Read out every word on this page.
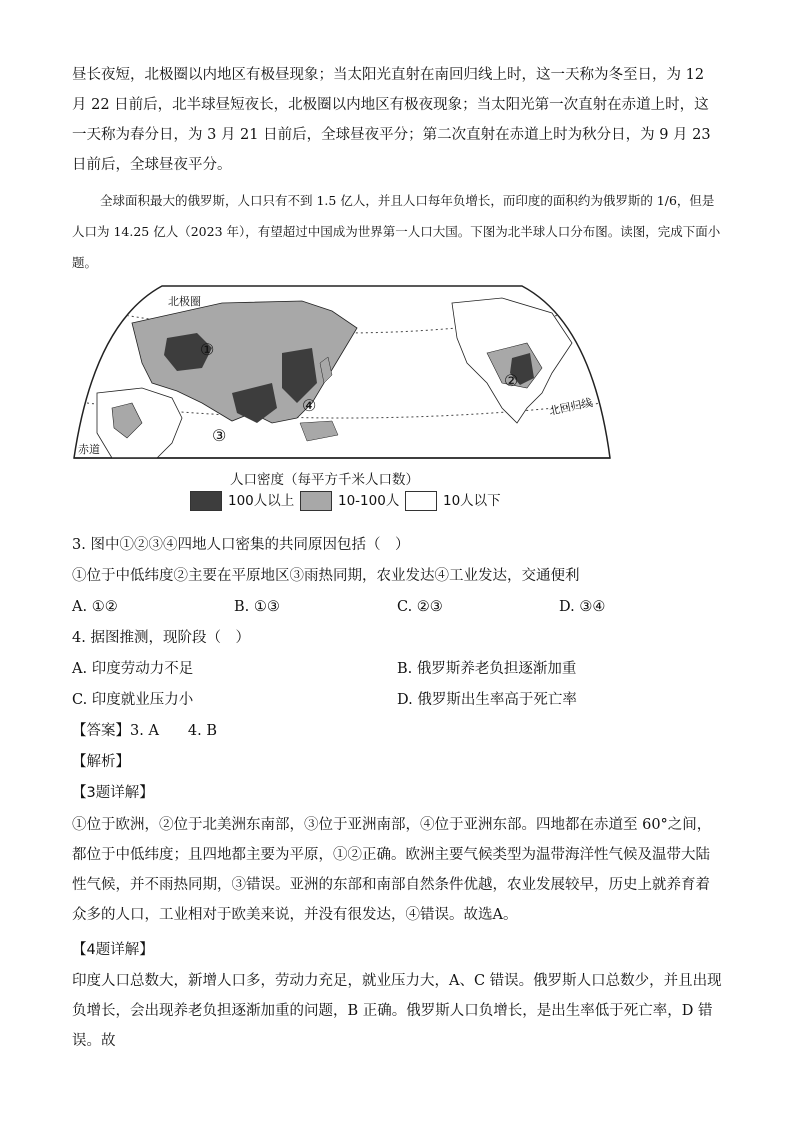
昼长夜短，北极圈以内地区有极昼现象；当太阳光直射在南回归线上时，这一天称为冬至日，为 12 月 22 日前后，北半球昼短夜长，北极圈以内地区有极夜现象；当太阳光第一次直射在赤道上时，这一天称为春分日，为 3 月 21 日前后，全球昼夜平分；第二次直射在赤道上时为秋分日，为 9 月 23 日前后，全球昼夜平分。

全球面积最大的俄罗斯，人口只有不到 1.5 亿人，并且人口每年负增长，而印度的面积约为俄罗斯的 1/6，但是人口为 14.25 亿人（2023 年），有望超过中国成为世界第一人口大国。下图为北半球人口分布图。读图，完成下面小题。

北极圈
北回归线
赤道
①
②
③
④
人口密度（每平方千米人口数）
100人以上	10-100人	10人以下
3. 图中①②③④四地人口密集的共同原因包括（　）
①位于中低纬度②主要在平原地区③雨热同期，农业发达④工业发达，交通便利
A. ①②	B. ①③	C. ②③	D. ③④
4. 据图推测，现阶段（　）
A. 印度劳动力不足	B. 俄罗斯养老负担逐渐加重
C. 印度就业压力小	D. 俄罗斯出生率高于死亡率
【答案】 3. A　　4. B
【解析】
【3题详解】

①位于欧洲，②位于北美洲东南部，③位于亚洲南部，④位于亚洲东部。四地都在赤道至 60°之间，都位于中低纬度；且四地都主要为平原，①②正确。欧洲主要气候类型为温带海洋性气候及温带大陆性气候，并不雨热同期，③错误。亚洲的东部和南部自然条件优越，农业发展较早，历史上就养育着众多的人口，工业相对于欧美来说，并没有很发达，④错误。故选A。

【4题详解】

印度人口总数大，新增人口多，劳动力充足，就业压力大，A、C 错误。俄罗斯人口总数少，并且出现负增长，会出现养老负担逐渐加重的问题，B 正确。俄罗斯人口负增长，是出生率低于死亡率，D 错误。故
